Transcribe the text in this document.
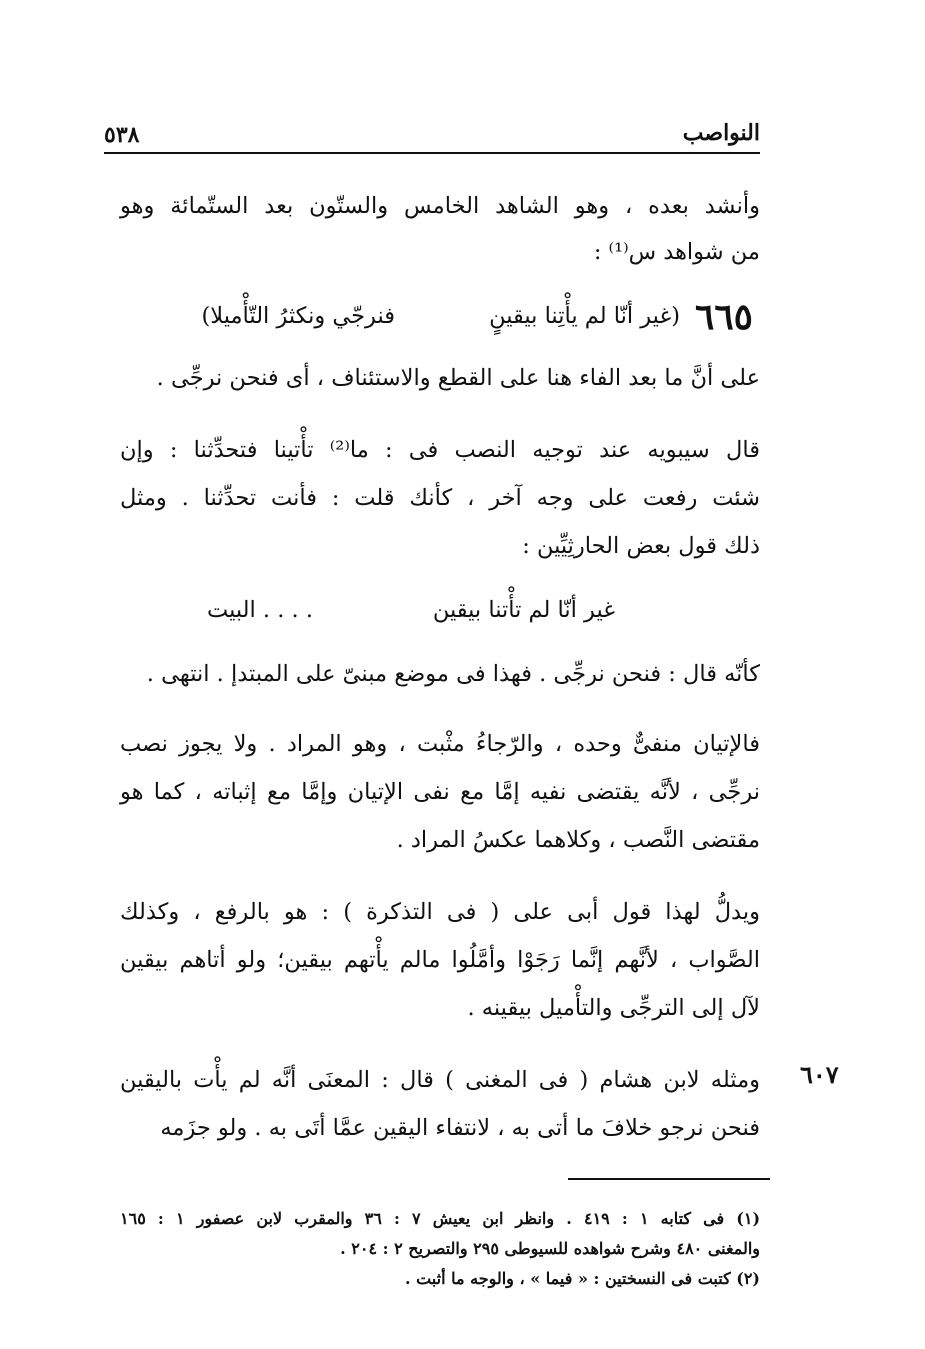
٥٣٨	النواصب
وأنشد بعده ، وهو الشاهد الخامس والستّون بعد الستّمائة وهو
من شواهد س⁽¹⁾ :
٦٦٥
(غير أنّا لم يأْتِنا بيقينٍ
فنرجّي ونكثرُ التّأْميلا)
على أنَّ ما بعد الفاء هنا على القطع والاستئناف ، أى فنحن نرجِّى .
قال سيبويه عند توجيه النصب فى : ما⁽²⁾ تأْتينا فتحدِّثنا : وإن
شئت رفعت على وجه آخر ، كأنك قلت : فأنت تحدِّثنا . ومثل
ذلك قول بعض الحارثِيِّين :
غير أنّا لم تأْتنا بيقين
. . . . البيت
كأنّه قال : فنحن نرجِّى . فهذا فى موضع مبنىّ على المبتدإ . انتهى .
فالإتيان منفىٌّ وحده ، والرّجاءُ مثْبت ، وهو المراد . ولا يجوز نصب
نرجِّى ، لأنَّه يقتضى نفيه إمَّا مع نفى الإتيان وإمَّا مع إثباته ، كما هو
مقتضى النَّصب ، وكلاهما عكسُ المراد .
ويدلُّ لهذا قول أبى على ( فى التذكرة ) : هو بالرفع ، وكذلك
الصَّواب ، لأنَّهم إنَّما رَجَوْا وأمَّلُوا مالم يأْتهم بيقين؛ ولو أتاهم بيقين
لآل إلى الترجِّى والتأْميل بيقينه .
٦٠٧
ومثله لابن هشام ( فى المغنى ) قال : المعنَى أنَّه لم يأْت باليقين
فنحن نرجو خلافَ ما أتى به ، لانتفاء اليقين عمَّا أتَى به . ولو جزَمه
(١) فى كتابه ١ : ٤١٩ . وانظر ابن يعيش ٧ : ٣٦ والمقرب لابن عصفور ١ : ١٦٥
والمغنى ٤٨٠ وشرح شواهده للسيوطى ٢٩٥ والتصريح ٢ : ٢٠٤ .
(٢) كتبت فى النسختين : « فيما » ، والوجه ما أثبت .
